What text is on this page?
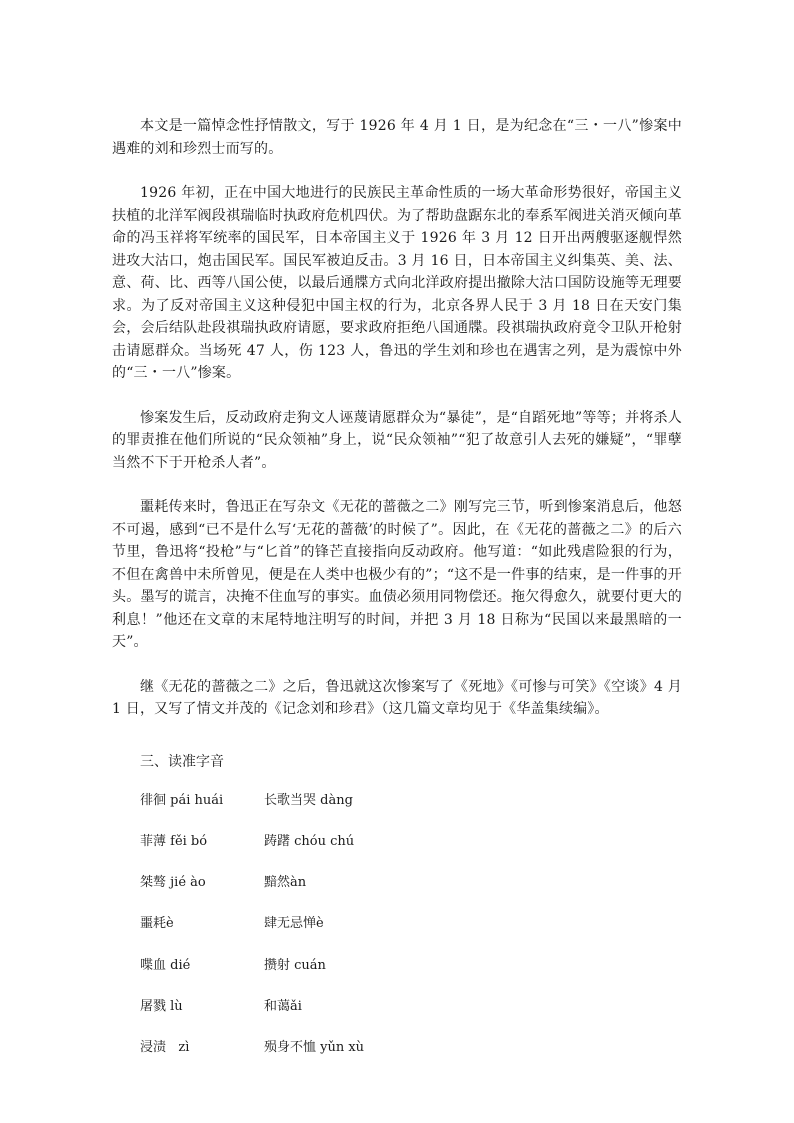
本文是一篇悼念性抒情散文，写于 1926 年 4 月 1 日，是为纪念在“三・一八”惨案中遇难的刘和珍烈士而写的。

1926 年初，正在中国大地进行的民族民主革命性质的一场大革命形势很好，帝国主义扶植的北洋军阀段祺瑞临时执政府危机四伏。为了帮助盘踞东北的奉系军阀进关消灭倾向革命的冯玉祥将军统率的国民军，日本帝国主义于 1926 年 3 月 12 日开出两艘驱逐舰悍然进攻大沽口，炮击国民军。国民军被迫反击。3 月 16 日，日本帝国主义纠集英、美、法、意、荷、比、西等八国公使，以最后通牒方式向北洋政府提出撤除大沽口国防设施等无理要求。为了反对帝国主义这种侵犯中国主权的行为，北京各界人民于 3 月 18 日在天安门集会，会后结队赴段祺瑞执政府请愿，要求政府拒绝八国通牒。段祺瑞执政府竟令卫队开枪射击请愿群众。当场死 47 人，伤 123 人，鲁迅的学生刘和珍也在遇害之列，是为震惊中外的“三・一八”惨案。

惨案发生后，反动政府走狗文人诬蔑请愿群众为“暴徒”，是“自蹈死地”等等；并将杀人的罪责推在他们所说的“民众领袖”身上，说“民众领袖”“犯了故意引人去死的嫌疑”，“罪孽当然不下于开枪杀人者”。

噩耗传来时，鲁迅正在写杂文《无花的蔷薇之二》刚写完三节，听到惨案消息后，他怒不可遏，感到“已不是什么写‘无花的蔷薇’的时候了”。因此，在《无花的蔷薇之二》的后六节里，鲁迅将“投枪”与“匕首”的锋芒直接指向反动政府。他写道：“如此残虐险狠的行为，不但在禽兽中未所曾见，便是在人类中也极少有的”；“这不是一件事的结束，是一件事的开头。墨写的谎言，决掩不住血写的事实。血债必须用同物偿还。拖欠得愈久，就要付更大的利息！”他还在文章的末尾特地注明写的时间，并把 3 月 18 日称为“民国以来最黑暗的一天”。

继《无花的蔷薇之二》之后，鲁迅就这次惨案写了《死地》《可惨与可笑》《空谈》4 月 1 日，又写了情文并茂的《记念刘和珍君》（这几篇文章均见于《华盖集续编》。

三、读准字音

徘徊 pái huái	长歌当哭 dàng
菲薄 fěi bó	踌躇 chóu chú
桀骜 jié ào	黯然àn
噩耗è	肆无忌惮è
喋血 dié	攒射 cuán
屠戮 lù	和蔼ǎi
浸渍   zì	殒身不恤 yǔn xù
